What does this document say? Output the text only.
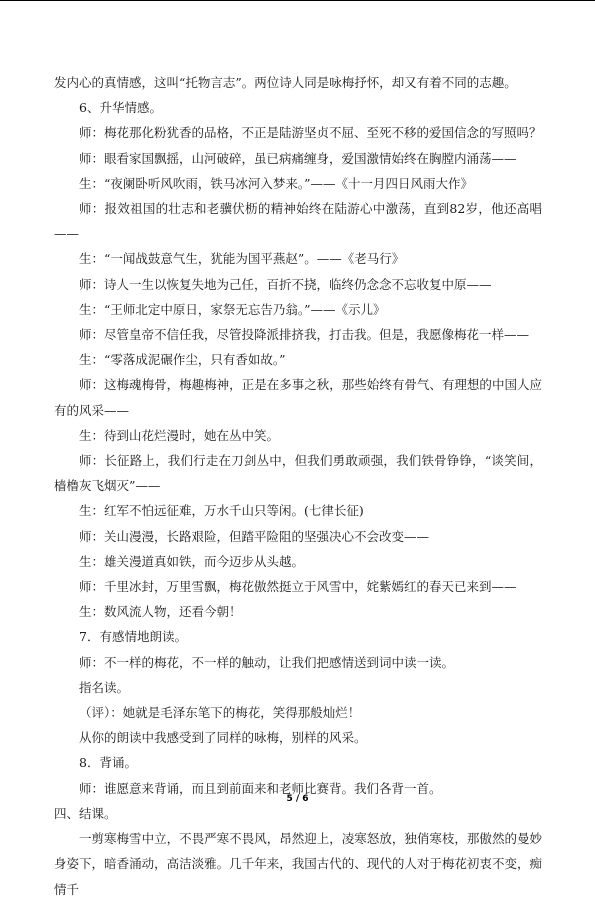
发内心的真情感，这叫“托物言志”。两位诗人同是咏梅抒怀，却又有着不同的志趣。

6、升华情感。

师：梅花那化粉犹香的品格，不正是陆游坚贞不屈、至死不移的爱国信念的写照吗？

师：眼看家国飘摇，山河破碎，虽已病痛缠身，爱国激情始终在胸膛内涌荡——

生：“夜阑卧听风吹雨，铁马冰河入梦来。”——《十一月四日风雨大作》

师：报效祖国的壮志和老骥伏枥的精神始终在陆游心中激荡，直到82岁，他还高唱——

生：“一闻战鼓意气生，犹能为国平燕赵”。——《老马行》

师：诗人一生以恢复失地为己任，百折不挠，临终仍念念不忘收复中原——

生：“王师北定中原日，家祭无忘告乃翁。”——《示儿》

师：尽管皇帝不信任我，尽管投降派排挤我，打击我。但是，我愿像梅花一样——

生：“零落成泥碾作尘，只有香如故。”

师：这梅魂梅骨，梅趣梅神，正是在多事之秋，那些始终有骨气、有理想的中国人应有的风采——

生：待到山花烂漫时，她在丛中笑。

师：长征路上，我们行走在刀剑丛中，但我们勇敢顽强，我们铁骨铮铮，“谈笑间，樯橹灰飞烟灭”——

生：红军不怕远征难，万水千山只等闲。(七律长征)

师：关山漫漫，长路艰险，但踏平险阻的坚强决心不会改变——

生：雄关漫道真如铁，而今迈步从头越。

师：千里冰封，万里雪飘，梅花傲然挺立于风雪中，姹紫嫣红的春天已来到——

生：数风流人物，还看今朝！

7．有感情地朗读。

师：不一样的梅花，不一样的触动，让我们把感情送到词中读一读。

指名读。

（评）：她就是毛泽东笔下的梅花，笑得那般灿烂！

从你的朗读中我感受到了同样的咏梅，别样的风采。

8．背诵。

师：谁愿意来背诵，而且到前面来和老师比赛背。我们各背一首。

四、结课。

一剪寒梅雪中立，不畏严寒不畏风，昂然迎上，凌寒怒放，独俏寒枝，那傲然的曼妙身姿下，暗香涌动，高洁淡雅。几千年来，我国古代的、现代的人对于梅花初衷不变，痴情千

5 / 6
